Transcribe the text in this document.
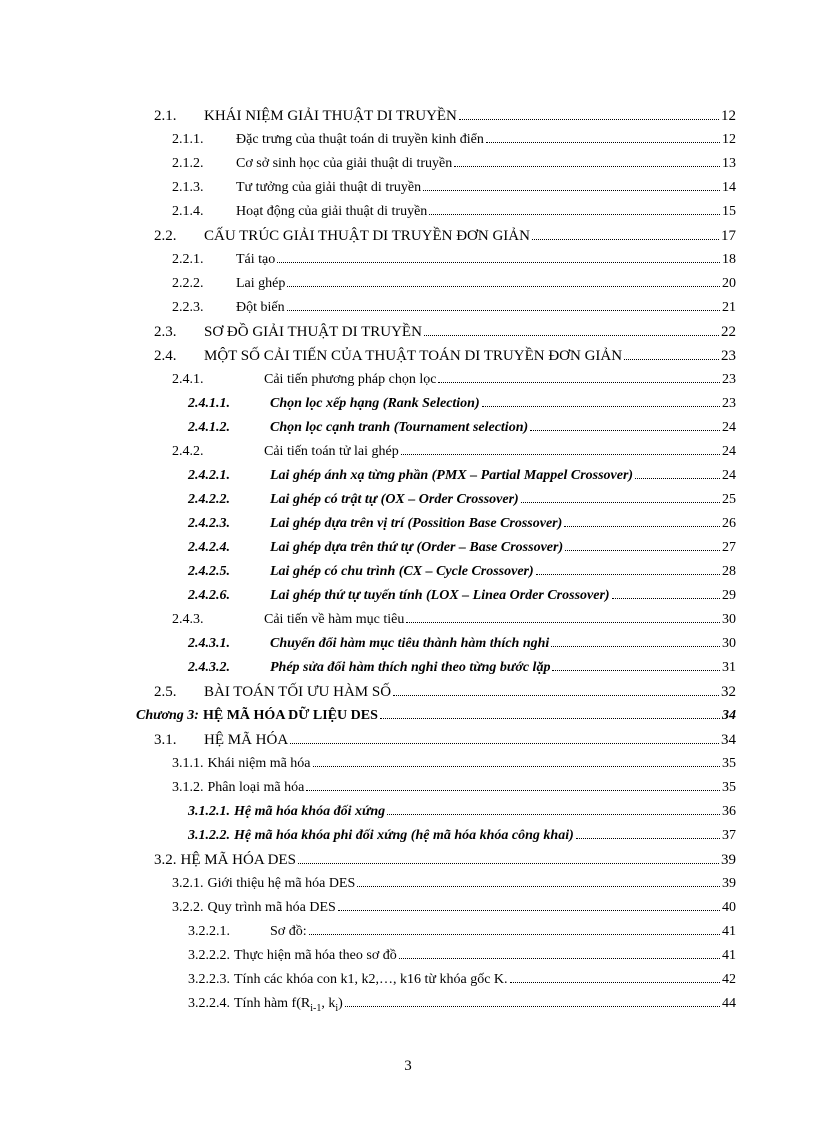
2.1.	KHÁI NIỆM GIẢI THUẬT DI TRUYỀN	12
2.1.1.	Đặc trưng của thuật toán di truyền kinh điển	12
2.1.2.	Cơ sở sinh học của giải thuật di truyền	13
2.1.3.	Tư tưởng của giải thuật di truyền	14
2.1.4.	Hoạt động của giải thuật di truyền	15
2.2.	CẤU TRÚC GIẢI THUẬT DI TRUYỀN ĐƠN GIẢN	17
2.2.1.	Tái tạo	18
2.2.2.	Lai ghép	20
2.2.3.	Đột biến	21
2.3.	SƠ ĐỒ GIẢI THUẬT DI TRUYỀN	22
2.4.	MỘT SỐ CẢI TIẾN CỦA THUẬT TOÁN DI TRUYỀN ĐƠN GIẢN	23
2.4.1.	Cải tiến phương pháp chọn lọc	23
2.4.1.1.	Chọn lọc xếp hạng (Rank Selection)	23
2.4.1.2.	Chọn lọc cạnh tranh (Tournament selection)	24
2.4.2.	Cải tiến toán tử lai ghép	24
2.4.2.1.	Lai ghép ánh xạ từng phần (PMX – Partial Mappel Crossover)	24
2.4.2.2.	Lai ghép có trật tự (OX – Order Crossover)	25
2.4.2.3.	Lai ghép dựa trên vị trí (Possition Base Crossover)	26
2.4.2.4.	Lai ghép dựa trên thứ tự (Order – Base Crossover)	27
2.4.2.5.	Lai ghép có chu trình (CX – Cycle Crossover)	28
2.4.2.6.	Lai ghép thứ tự tuyến tính (LOX – Linea Order Crossover)	29
2.4.3.	Cải tiến về hàm mục tiêu	30
2.4.3.1.	Chuyển đổi hàm mục tiêu thành hàm thích nghi	30
2.4.3.2.	Phép sửa đổi hàm thích nghi theo từng bước lặp	31
2.5.	BÀI TOÁN TỐI ƯU HÀM SỐ	32
Chương 3: HỆ MÃ HÓA DỮ LIỆU DES	34
3.1.	HỆ MÃ HÓA	34
3.1.1. Khái niệm mã hóa	35
3.1.2. Phân loại mã hóa	35
3.1.2.1. Hệ mã hóa khóa đối xứng	36
3.1.2.2. Hệ mã hóa khóa phi đối xứng (hệ mã hóa khóa công khai)	37
3.2. HỆ MÃ HÓA DES	39
3.2.1. Giới thiệu hệ mã hóa DES	39
3.2.2. Quy trình mã hóa DES	40
3.2.2.1.	Sơ đồ:	41
3.2.2.2. Thực hiện mã hóa theo sơ đồ	41
3.2.2.3. Tính các khóa con k1, k2,…, k16 từ khóa gốc K.	42
3.2.2.4. Tính hàm $f(R_{i-1}$, $k_i$)	44
3
